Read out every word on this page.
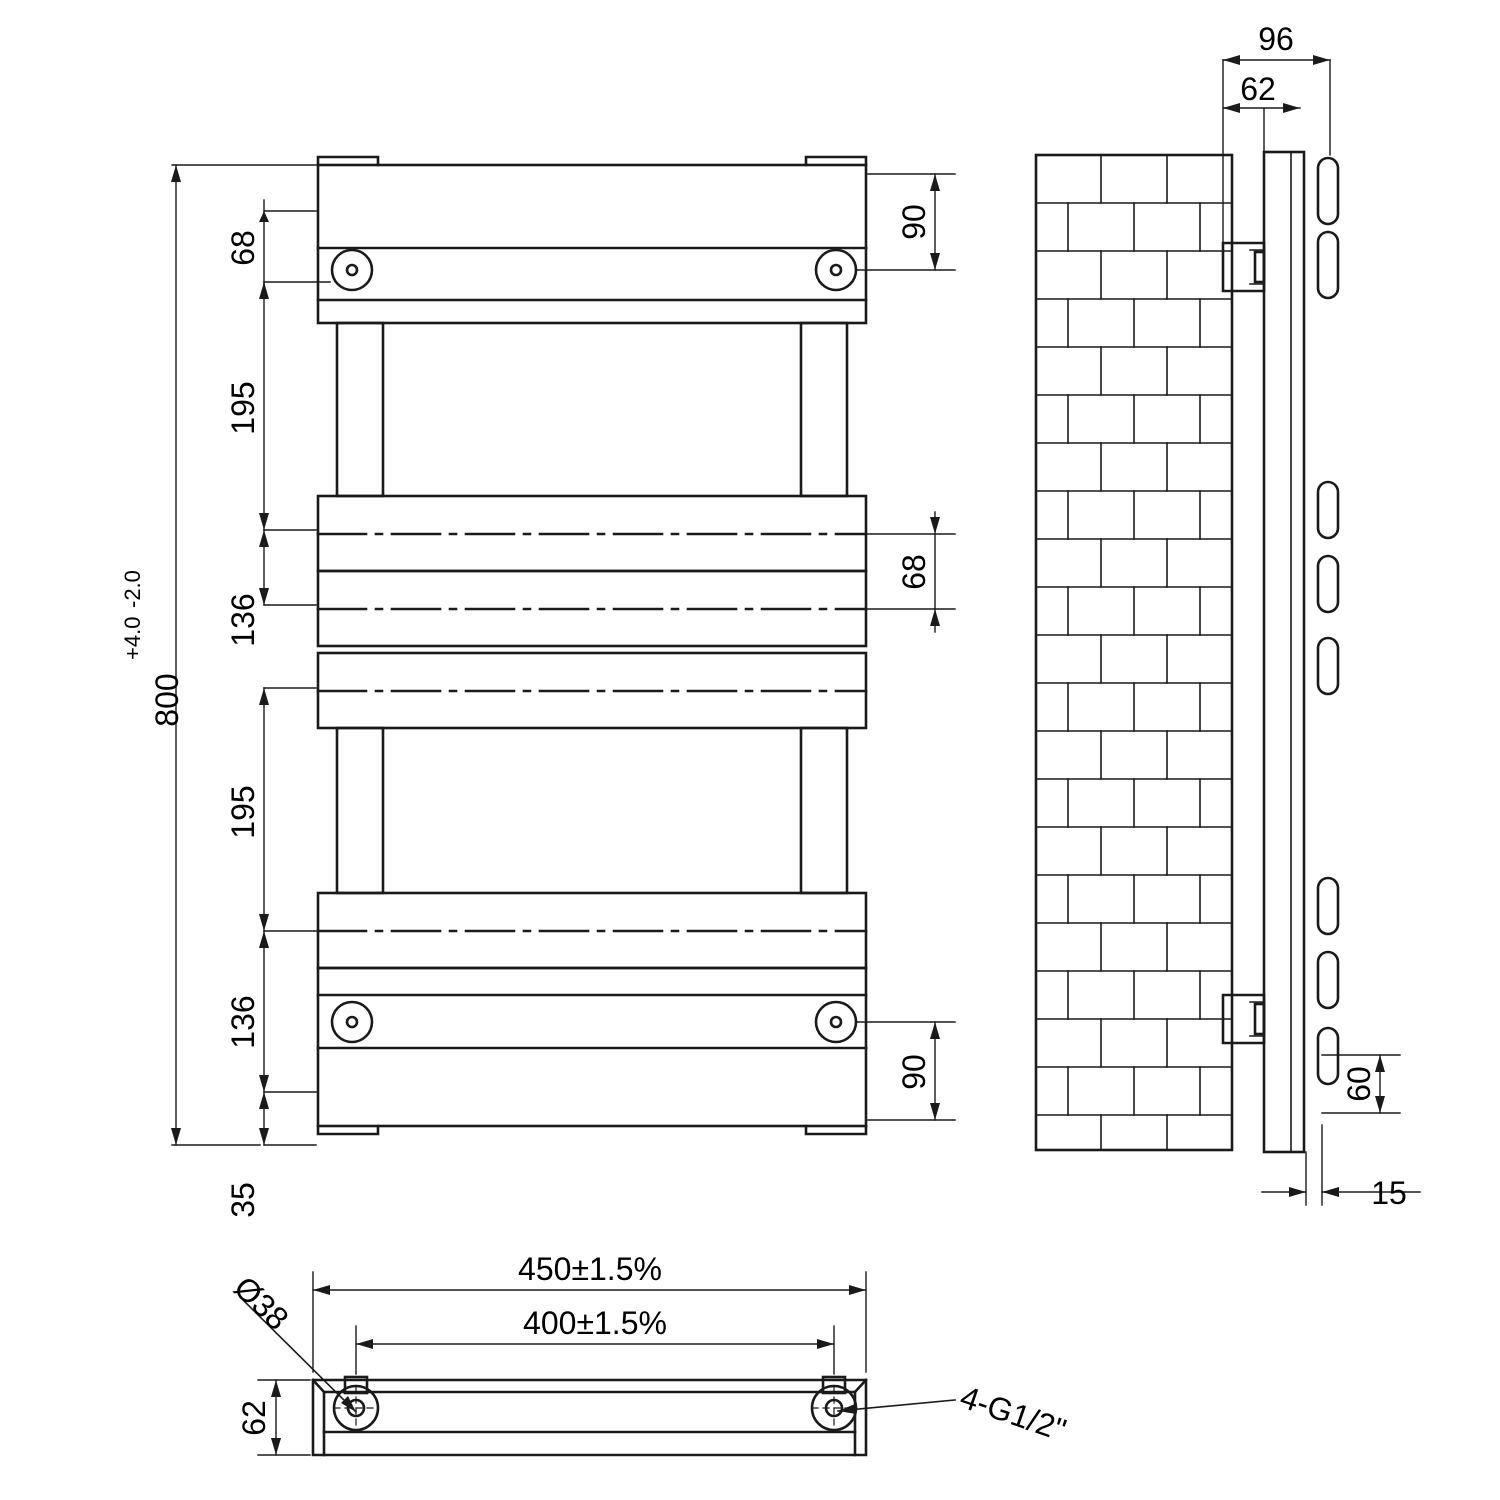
800
+4.0
-2.0
68
195
136
195
136
35
90
68
90
96
62
60
15
450±1.5%
400±1.5%
62
Ø38
4-G1/2"
